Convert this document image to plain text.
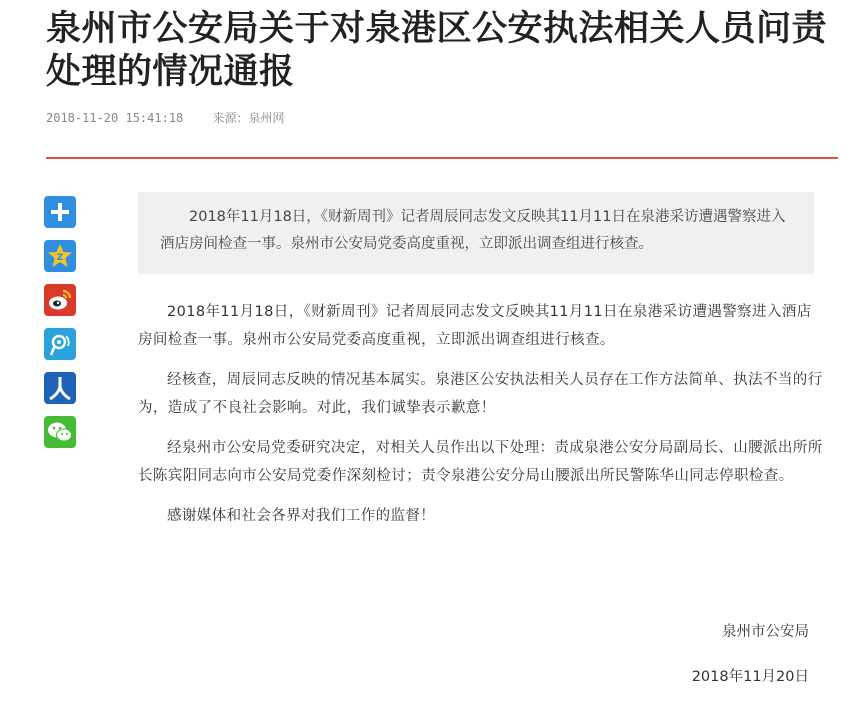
泉州市公安局关于对泉港区公安执法相关人员问责处理的情况通报
2018-11-20 15:41:18 来源：泉州网
Z
2018年11月18日，《财新周刊》记者周辰同志发文反映其11月11日在泉港采访遭遇警察进入酒店房间检查一事。泉州市公安局党委高度重视，立即派出调查组进行核查。

2018年11月18日，《财新周刊》记者周辰同志发文反映其11月11日在泉港采访遭遇警察进入酒店房间检查一事。泉州市公安局党委高度重视，立即派出调查组进行核查。

经核查，周辰同志反映的情况基本属实。泉港区公安执法相关人员存在工作方法简单、执法不当的行为，造成了不良社会影响。对此，我们诚挚表示歉意！

经泉州市公安局党委研究决定，对相关人员作出以下处理：责成泉港公安分局副局长、山腰派出所所长陈宾阳同志向市公安局党委作深刻检讨；责令泉港公安分局山腰派出所民警陈华山同志停职检查。

感谢媒体和社会各界对我们工作的监督！

泉州市公安局
2018年11月20日
